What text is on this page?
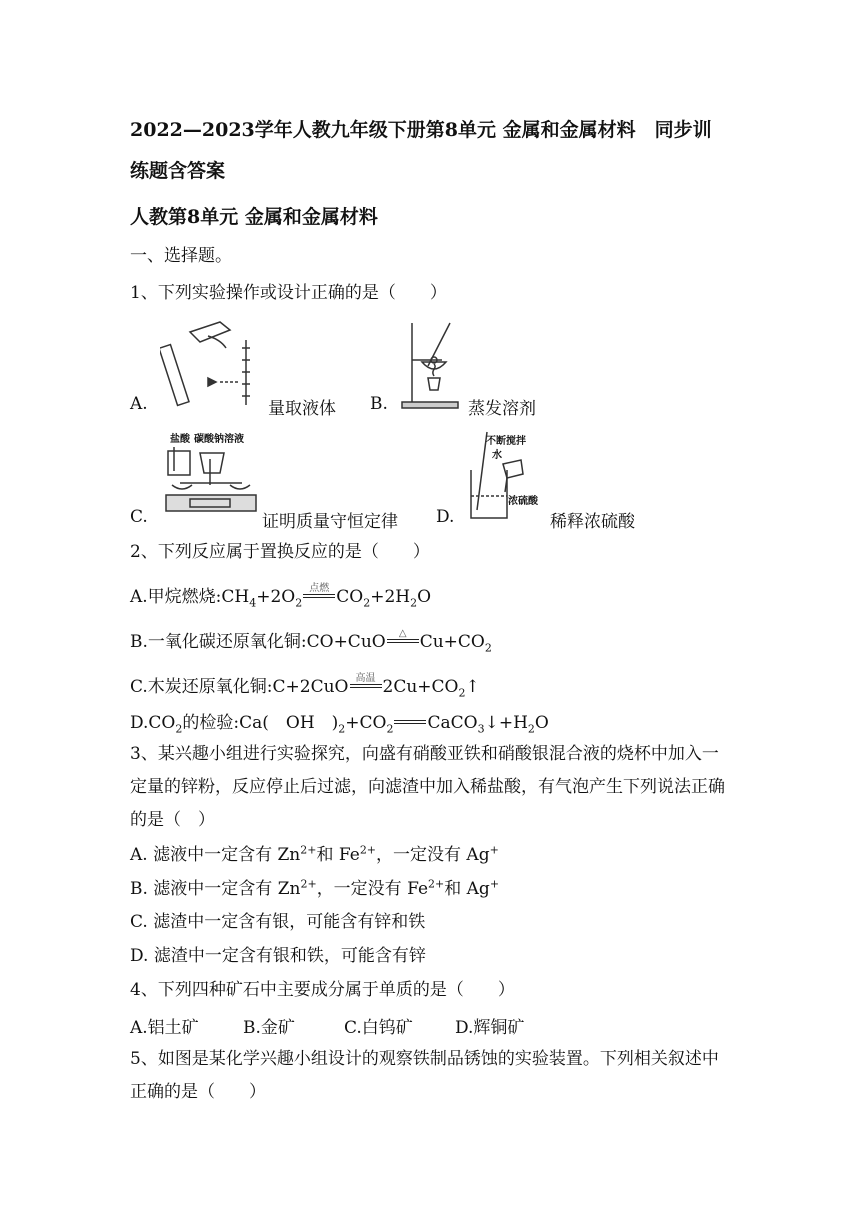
2022—2023学年人教九年级下册第8单元 金属和金属材料　同步训
练题含答案
人教第8单元 金属和金属材料
一、选择题。
1、下列实验操作或设计正确的是（　　）
A.	量取液体 B.	蒸发溶剂
盐酸 碳酸钠溶液
C.	证明质量守恒定律
不断搅拌
水
浓硫酸
D.	稀释浓硫酸
2、下列反应属于置换反应的是（　　）
A.甲烷燃烧$:CH_4+2O_2$
点燃 $CO_2+2H_2O$
B.一氧化碳还原氧化铜:CO+CuO	△ $Cu+CO_2$
C.木炭还原氧化铜:C+2CuO 高温 $2Cu+CO_2↑$
$D.CO_2$的检验:Ca(　OH　)$_2+CO_2$ $CaCO_3↓+H_2O$
3、某兴趣小组进行实验探究，向盛有硝酸亚铁和硝酸银混合液的烧杯中加入一
定量的锌粉，反应停止后过滤，向滤渣中加入稀盐酸，有气泡产生下列说法正确
的是（　）
A. 滤液中一定含有 $Zn^{2+}$和 $Fe^{2+}$，一定没有 Ag+
B. 滤液中一定含有 $Zn^{2+}$，一定没有 $Fe^{2+}$和 Ag+
C. 滤渣中一定含有银，可能含有锌和铁
D. 滤渣中一定含有银和铁，可能含有锌
4、下列四种矿石中主要成分属于单质的是（　　）
A.铝土矿	B.金矿	C.白钨矿 D.辉铜矿
5、如图是某化学兴趣小组设计的观察铁制品锈蚀的实验装置。下列相关叙述中
正确的是（　　）
